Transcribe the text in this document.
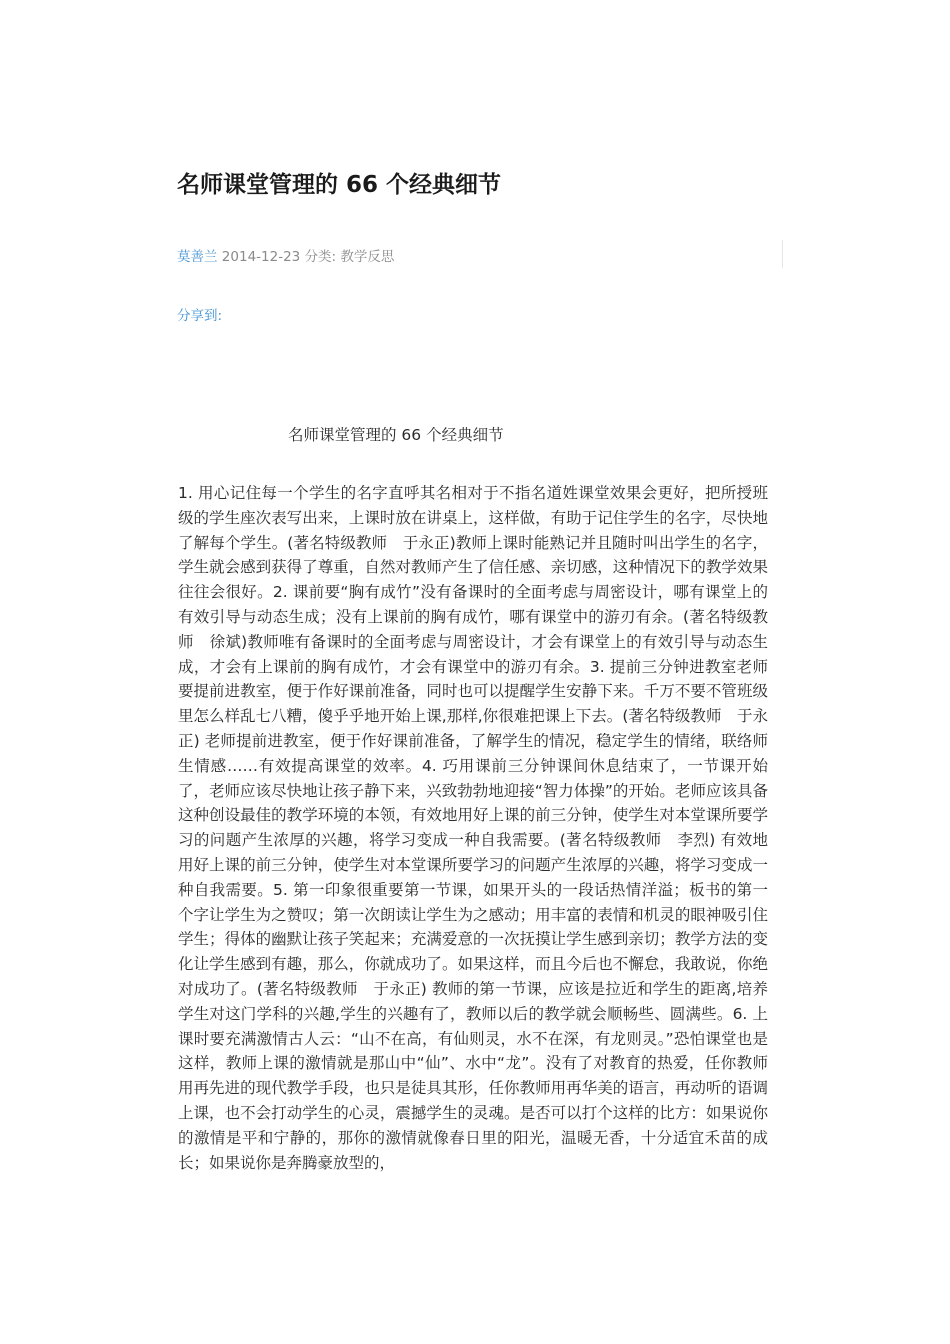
名师课堂管理的 66 个经典细节
莫善兰 2014-12-23 分类: 教学反思
分享到:
名师课堂管理的 66 个经典细节

1. 用心记住每一个学生的名字直呼其名相对于不指名道姓课堂效果会更好，把所授班级的学生座次表写出来，上课时放在讲桌上，这样做，有助于记住学生的名字，尽快地了解每个学生。(著名特级教师　于永正)教师上课时能熟记并且随时叫出学生的名字，学生就会感到获得了尊重，自然对教师产生了信任感、亲切感，这种情况下的教学效果往往会很好。2. 课前要“胸有成竹”没有备课时的全面考虑与周密设计，哪有课堂上的有效引导与动态生成；没有上课前的胸有成竹，哪有课堂中的游刃有余。(著名特级教师　徐斌)教师唯有备课时的全面考虑与周密设计，才会有课堂上的有效引导与动态生成，才会有上课前的胸有成竹，才会有课堂中的游刃有余。3. 提前三分钟进教室老师要提前进教室，便于作好课前准备，同时也可以提醒学生安静下来。千万不要不管班级里怎么样乱七八糟，傻乎乎地开始上课,那样,你很难把课上下去。(著名特级教师　于永正) 老师提前进教室，便于作好课前准备，了解学生的情况，稳定学生的情绪，联络师生情感……有效提高课堂的效率。4. 巧用课前三分钟课间休息结束了，一节课开始了，老师应该尽快地让孩子静下来，兴致勃勃地迎接“智力体操”的开始。老师应该具备这种创设最佳的教学环境的本领，有效地用好上课的前三分钟，使学生对本堂课所要学习的问题产生浓厚的兴趣，将学习变成一种自我需要。(著名特级教师　李烈) 有效地用好上课的前三分钟，使学生对本堂课所要学习的问题产生浓厚的兴趣，将学习变成一种自我需要。5. 第一印象很重要第一节课，如果开头的一段话热情洋溢；板书的第一个字让学生为之赞叹；第一次朗读让学生为之感动；用丰富的表情和机灵的眼神吸引住学生；得体的幽默让孩子笑起来；充满爱意的一次抚摸让学生感到亲切；教学方法的变化让学生感到有趣，那么，你就成功了。如果这样，而且今后也不懈怠，我敢说，你绝对成功了。(著名特级教师　于永正) 教师的第一节课，应该是拉近和学生的距离,培养学生对这门学科的兴趣,学生的兴趣有了，教师以后的教学就会顺畅些、圆满些。6. 上课时要充满激情古人云：“山不在高，有仙则灵，水不在深，有龙则灵。”恐怕课堂也是这样，教师上课的激情就是那山中“仙”、水中“龙”。没有了对教育的热爱，任你教师用再先进的现代教学手段，也只是徒具其形，任你教师用再华美的语言，再动听的语调上课，也不会打动学生的心灵，震撼学生的灵魂。是否可以打个这样的比方：如果说你的激情是平和宁静的，那你的激情就像春日里的阳光，温暖无香，十分适宜禾苗的成长；如果说你是奔腾豪放型的，
